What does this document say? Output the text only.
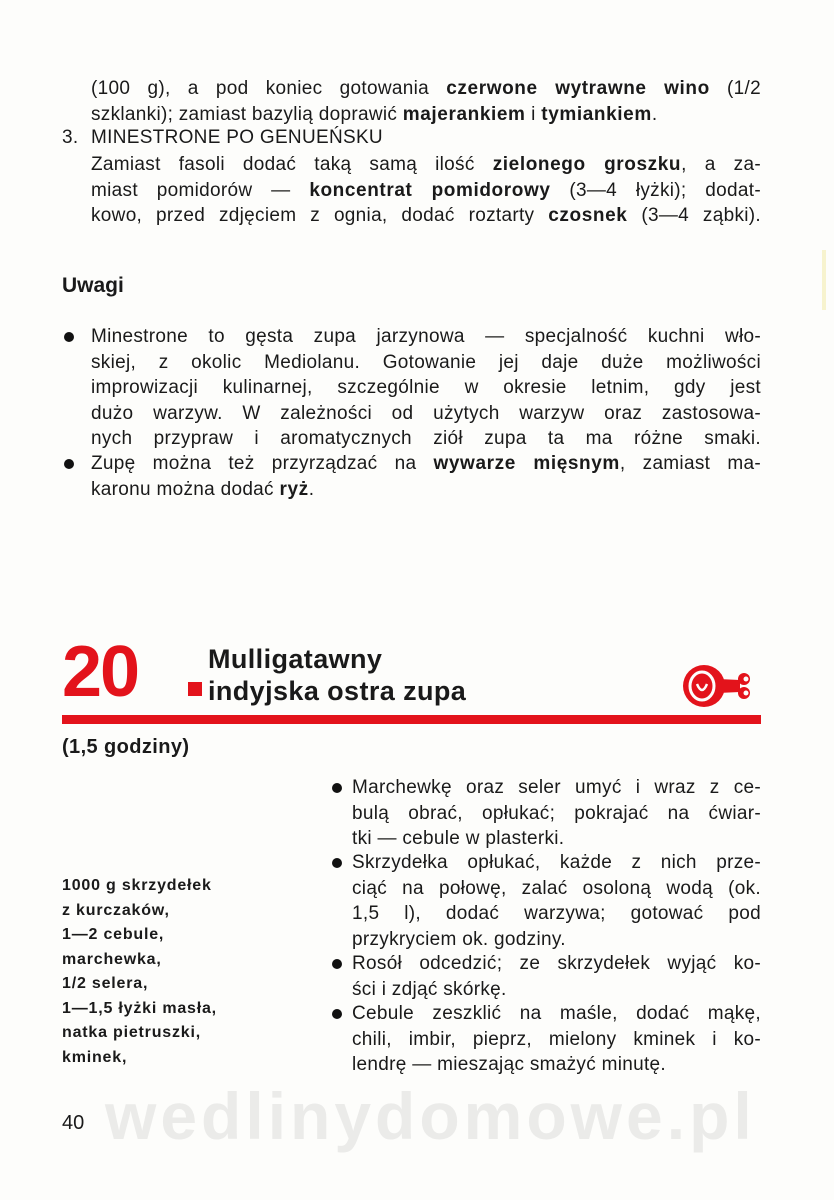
(100 g), a pod koniec gotowania czerwone wytrawne wino (1/2
szklanki); zamiast bazylią doprawić majerankiem i tymiankiem.
3. MINESTRONE PO GENUEŃSKU
Zamiast fasoli dodać taką samą ilość zielonego groszku, a za-
miast pomidorów — koncentrat pomidorowy (3—4 łyżki); dodat-
kowo, przed zdjęciem z ognia, dodać roztarty czosnek (3—4 ząbki).
Uwagi
Minestrone to gęsta zupa jarzynowa — specjalność kuchni wło-
skiej, z okolic Mediolanu. Gotowanie jej daje duże możliwości
improwizacji kulinarnej, szczególnie w okresie letnim, gdy jest
dużo warzyw. W zależności od użytych warzyw oraz zastosowa-
nych przypraw i aromatycznych ziół zupa ta ma różne smaki.
Zupę można też przyrządzać na wywarze mięsnym, zamiast ma-
karonu można dodać ryż.
20	Mulligatawny
indyjska ostra zupa
(1,5 godziny)
1000 g skrzydełek
z kurczaków,
1—2 cebule,
marchewka,
1/2 selera,
1—1,5 łyżki masła,
natka pietruszki,
kminek,
Marchewkę oraz seler umyć i wraz z ce-
bulą obrać, opłukać; pokrajać na ćwiar-
tki — cebule w plasterki.
Skrzydełka opłukać, każde z nich prze-
ciąć na połowę, zalać osoloną wodą (ok.
1,5 l), dodać warzywa; gotować pod
przykryciem ok. godziny.
Rosół odcedzić; ze skrzydełek wyjąć ko-
ści i zdjąć skórkę.
Cebule zeszklić na maśle, dodać mąkę,
chili, imbir, pieprz, mielony kminek i ko-
lendrę — mieszając smażyć minutę.
wedlinydomowe.pl
40
